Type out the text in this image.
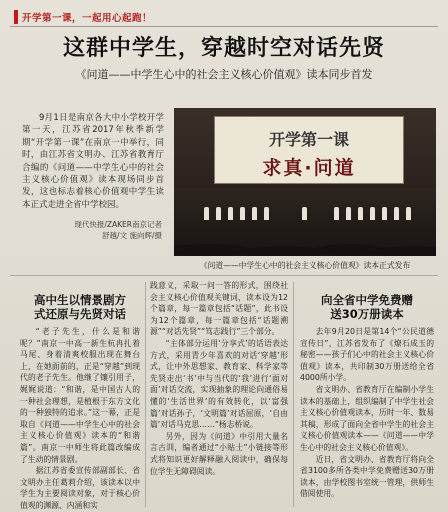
开学第一课，一起用心起跑！
这群中学生，穿越时空对话先贤
《问道——中学生心中的社会主义核心价值观》读本同步首发

9月1日是南京各大中小学校开学第一天，江苏省2017年秋季新学期“开学第一课”在南京一中举行，同时，由江苏省文明办、江苏省教育厅合编的《问道——中学生心中的社会主义核心价值观》读本现场同步首发，这也标志着核心价值观中学生读本正式走进全省中学校园。

现代快报/ZAKER南京记者
舒越/文 施向辉/摄
开学第一课
求真·问道
《问道——中学生心中的社会主义核心价值观》读本正式发布
高中生以情景剧方
式还原与先贤对话

“老子先生，什么是和谐呢？”南京一中高一新生杭冉扎着马尾、身着清爽校服出现在舞台上，在她面前的，正是“穿越”到现代的老子先生。他继了镶引用子，娓娓说道：“和谐，是中国古人的一种社会理想，是植根于东方文化的一种独特的追求。”这一幕，正是取自《问道——中学生心中的社会主义核心价值观》读本的“和谐篇”。南京一中师生将此篇改编成了生动的情景剧。

据江苏省委宣传部副部长、省文明办主任葛莉介绍，该读本以中学生为主要阅读对象，对于核心价值观的渊源、内涵和实

践意义，采取一问一答的形式，围绕社会主义核心价值观关键词，读本设为12个篇章，每一篇章包括“话题”，此书设为12个篇章，每一篇章包括“话题溯源”“对话先贤”“笃志践行”三个部分。

“主体部分运用‘分享式’的话语表达方式，采用青少年喜欢的对话‘穿越’形式，让中外思想家、教育家、科学家等先贤走出‘书’中与当代的‘我’进行‘面对面’对话交流，实现抽象的理论向通俗易懂的‘生活世界’的有效转化，以‘富强篇’对话孙子，‘文明篇’对话屈原，‘自由篇’对话马克思……”杨志桥说。

另外，因为《问道》中引用大量名言古训，编者通过“小贴士”小链接等形式将知识更好解释融入阅读中，确保每位学生无障碍阅读。

向全省中学免费赠
送30万册读本

去年9月20日是第14个“公民道德宣传日”，江苏省发布了《燎石成玉的秘密——孩子们心中的社会主义核心价值观》读本，共印制30万册送给全省4000所小学。

省文明办、省教育厅在编制小学生读本的基础上，组织编制了中学生社会主义核心价值观读本，历时一年、数易其稿，形成了面向全省中学生的社会主义核心价值观读本——《问道——中学生心中的社会主义核心价值观》。

近日，省文明办、省教育厅将向全省3100多所各类中学免费赠送30万册读本，由学校图书室统一管理，供师生借阅使用。
